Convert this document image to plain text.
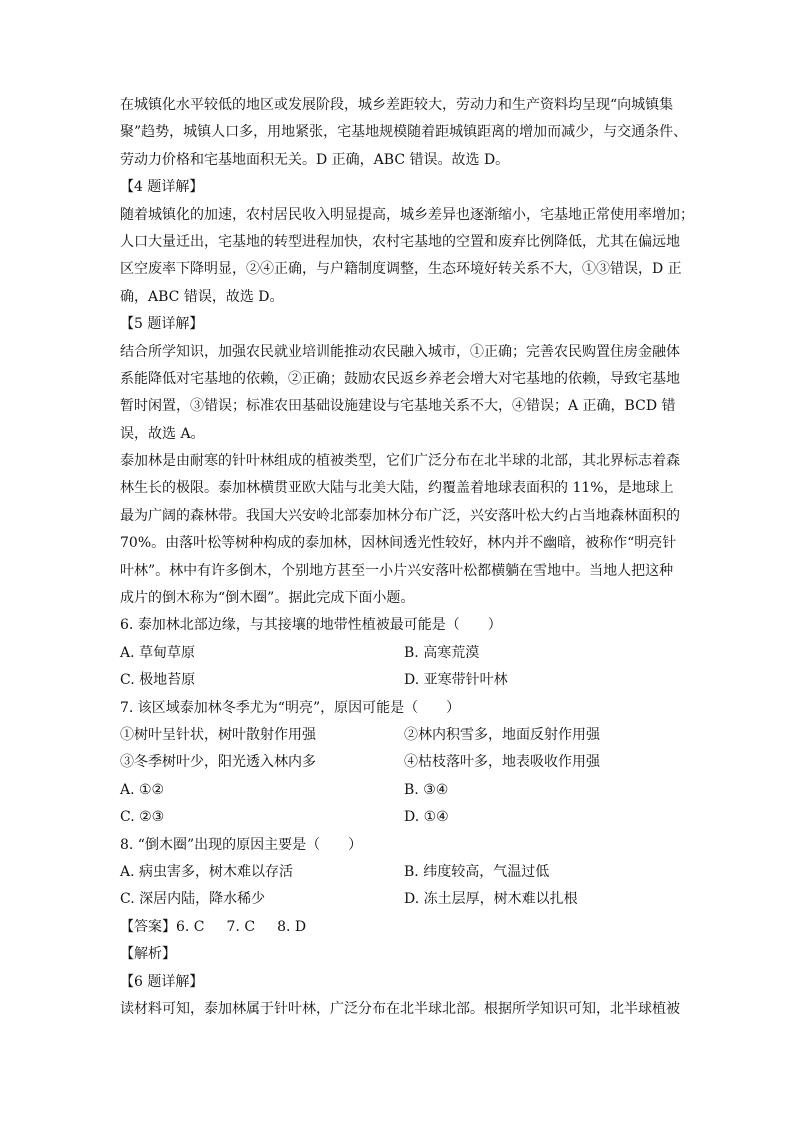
在城镇化水平较低的地区或发展阶段，城乡差距较大，劳动力和生产资料均呈现“向城镇集
聚”趋势，城镇人口多，用地紧张，宅基地规模随着距城镇距离的增加而减少，与交通条件、
劳动力价格和宅基地面积无关。D 正确，ABC 错误。故选 D。
【4 题详解】
随着城镇化的加速，农村居民收入明显提高，城乡差异也逐渐缩小，宅基地正常使用率增加；
人口大量迁出，宅基地的转型进程加快，农村宅基地的空置和废弃比例降低，尤其在偏远地
区空废率下降明显，②④正确，与户籍制度调整，生态环境好转关系不大，①③错误，D 正
确，ABC 错误，故选 D。
【5 题详解】
结合所学知识，加强农民就业培训能推动农民融入城市，①正确；完善农民购置住房金融体
系能降低对宅基地的依赖，②正确；鼓励农民返乡养老会增大对宅基地的依赖，导致宅基地
暂时闲置，③错误；标准农田基础设施建设与宅基地关系不大，④错误；A 正确，BCD 错
误，故选 A。
泰加林是由耐寒的针叶林组成的植被类型，它们广泛分布在北半球的北部，其北界标志着森
林生长的极限。泰加林横贯亚欧大陆与北美大陆，约覆盖着地球表面积的 11%，是地球上
最为广阔的森林带。我国大兴安岭北部泰加林分布广泛，兴安落叶松大约占当地森林面积的
70%。由落叶松等树种构成的泰加林，因林间透光性较好，林内并不幽暗，被称作“明亮针
叶林”。林中有许多倒木，个别地方甚至一小片兴安落叶松都横躺在雪地中。当地人把这种
成片的倒木称为“倒木圈”。据此完成下面小题。
6. 泰加林北部边缘，与其接壤的地带性植被最可能是（　　）
A. 草甸草原	B. 高寒荒漠
C. 极地苔原	D. 亚寒带针叶林
7. 该区域泰加林冬季尤为“明亮”，原因可能是（　　）
①树叶呈针状，树叶散射作用强	②林内积雪多，地面反射作用强
③冬季树叶少，阳光透入林内多	④枯枝落叶多，地表吸收作用强
A. ①②	B. ③④
C. ②③	D. ①④
8. “倒木圈”出现的原因主要是（　　）
A. 病虫害多，树木难以存活	B. 纬度较高，气温过低
C. 深居内陆，降水稀少	D. 冻土层厚，树木难以扎根
【答案】6. C 7. C 8. D
【解析】
【6 题详解】
读材料可知，泰加林属于针叶林，广泛分布在北半球北部。根据所学知识可知，北半球植被
